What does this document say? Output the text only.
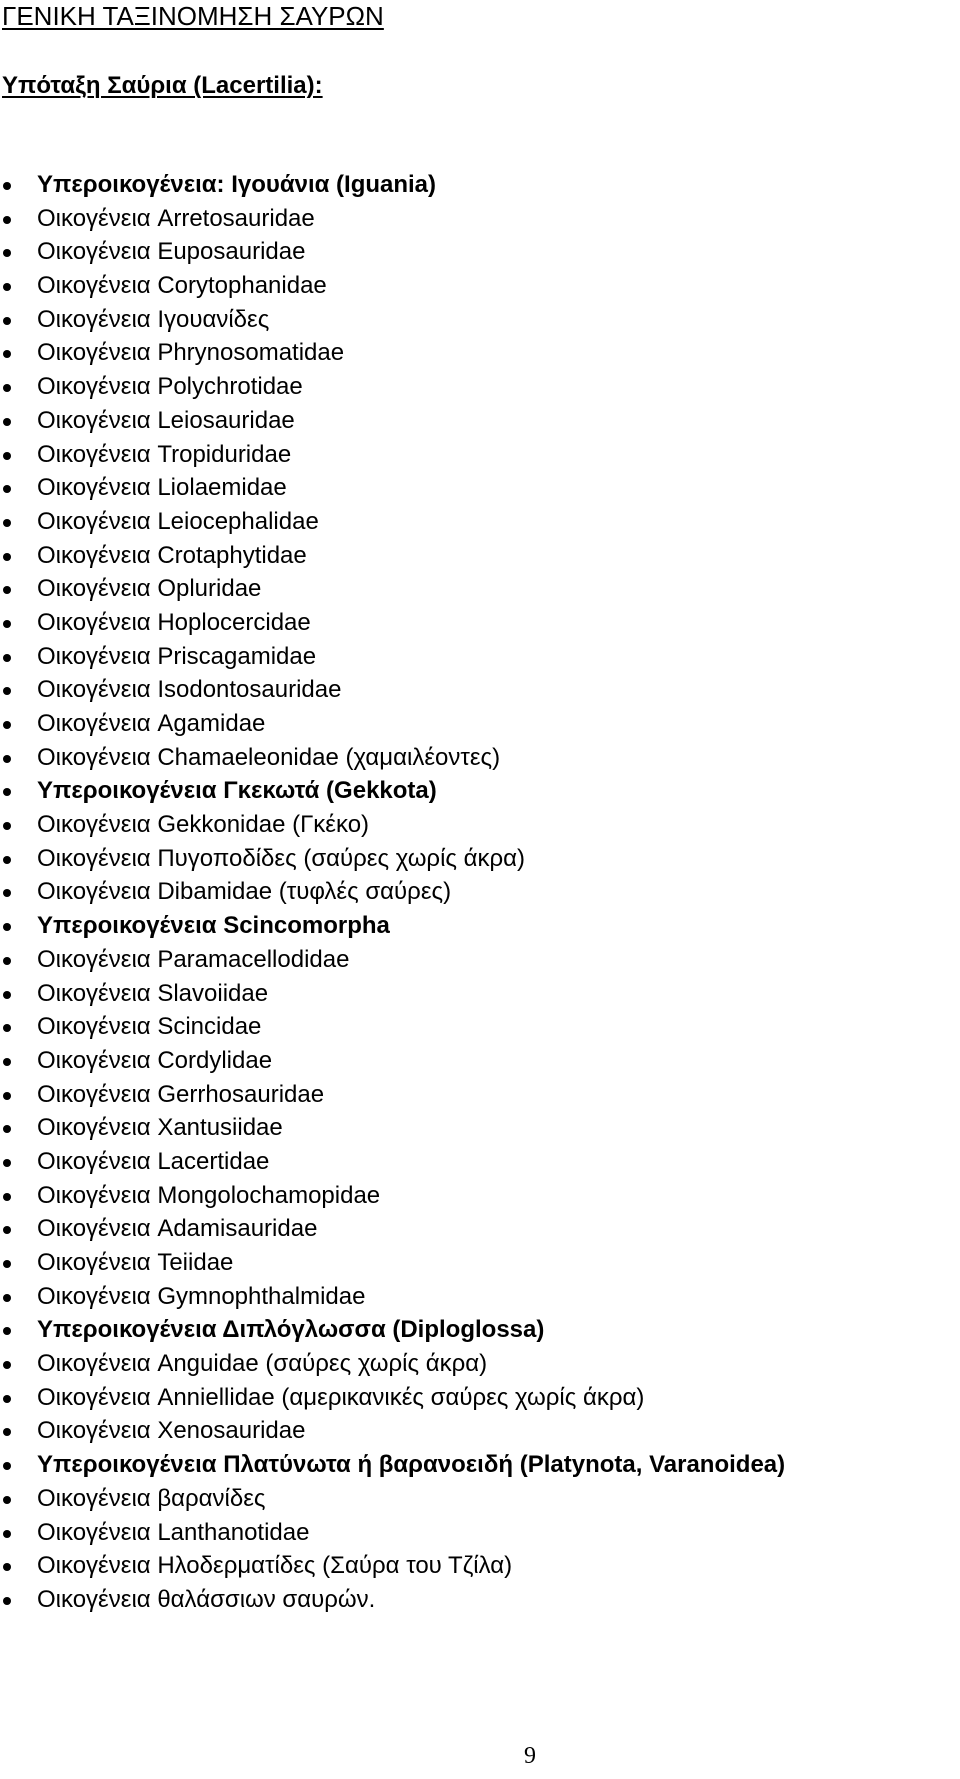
ΓΕΝΙΚΗ ΤΑΞΙΝΟΜΗΣΗ ΣΑΥΡΩΝ
Υπόταξη Σαύρια (Lacertilia):
Υπεροικογένεια: Ιγουάνια (Iguania)
Οικογένεια Arretosauridae
Οικογένεια Euposauridae
Οικογένεια Corytophanidae
Οικογένεια Ιγουανίδες
Οικογένεια Phrynosomatidae
Οικογένεια Polychrotidae
Οικογένεια Leiosauridae
Οικογένεια Tropiduridae
Οικογένεια Liolaemidae
Οικογένεια Leiocephalidae
Οικογένεια Crotaphytidae
Οικογένεια Opluridae
Οικογένεια Hoplocercidae
Οικογένεια Priscagamidae
Οικογένεια Isodontosauridae
Οικογένεια Agamidae
Οικογένεια Chamaeleonidae (χαμαιλέοντες)
Υπεροικογένεια Γκεκωτά (Gekkota)
Οικογένεια Gekkonidae (Γκέκο)
Οικογένεια Πυγοποδίδες (σαύρες χωρίς άκρα)
Οικογένεια Dibamidae (τυφλές σαύρες)
Υπεροικογένεια Scincomorpha
Οικογένεια Paramacellodidae
Οικογένεια Slavoiidae
Οικογένεια Scincidae
Οικογένεια Cordylidae
Οικογένεια Gerrhosauridae
Οικογένεια Xantusiidae
Οικογένεια Lacertidae
Οικογένεια Mongolochamopidae
Οικογένεια Adamisauridae
Οικογένεια Teiidae
Οικογένεια Gymnophthalmidae
Υπεροικογένεια Διπλόγλωσσα (Diploglossa)
Οικογένεια Anguidae (σαύρες χωρίς άκρα)
Οικογένεια Anniellidae (αμερικανικές σαύρες χωρίς άκρα)
Οικογένεια Xenosauridae
Υπεροικογένεια Πλατύνωτα ή βαρανοειδή (Platynota, Varanoidea)
Οικογένεια βαρανίδες
Οικογένεια Lanthanotidae
Οικογένεια Ηλοδερματίδες (Σαύρα του Τζίλα)
Οικογένεια θαλάσσιων σαυρών.
9
